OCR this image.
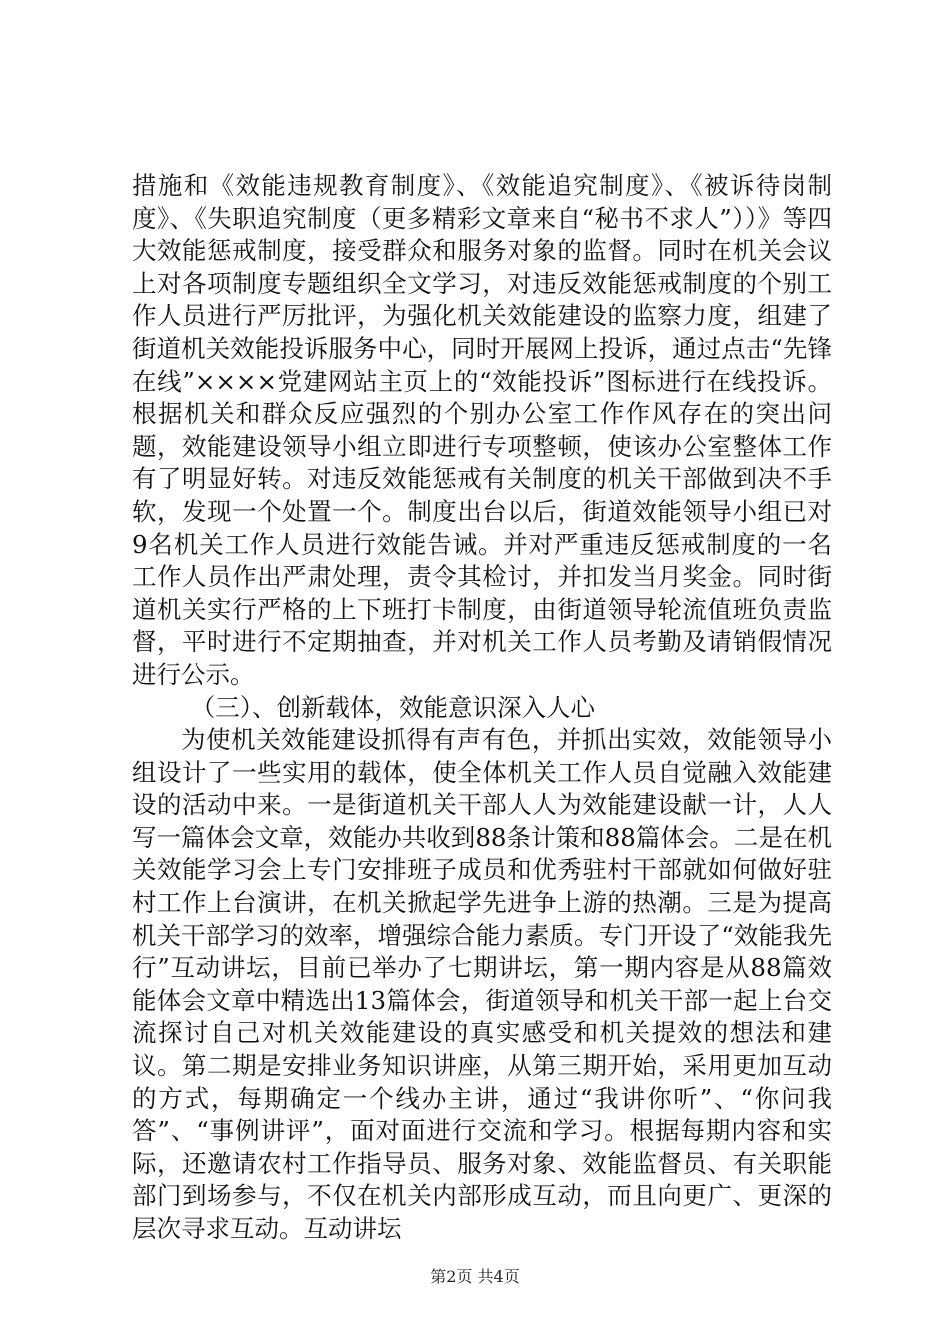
措施和《效能违规教育制度》、《效能追究制度》、《被诉待岗制度》、《失职追究制度（更多精彩文章来自“秘书不求人”））》等四大效能惩戒制度，接受群众和服务对象的监督。同时在机关会议上对各项制度专题组织全文学习，对违反效能惩戒制度的个别工作人员进行严厉批评，为强化机关效能建设的监察力度，组建了街道机关效能投诉服务中心，同时开展网上投诉，通过点击“先锋在线”××××党建网站主页上的“效能投诉”图标进行在线投诉。根据机关和群众反应强烈的个别办公室工作作风存在的突出问题，效能建设领导小组立即进行专项整顿，使该办公室整体工作有了明显好转。对违反效能惩戒有关制度的机关干部做到决不手软，发现一个处置一个。制度出台以后，街道效能领导小组已对9名机关工作人员进行效能告诫。并对严重违反惩戒制度的一名工作人员作出严肃处理，责令其检讨，并扣发当月奖金。同时街道机关实行严格的上下班打卡制度，由街道领导轮流值班负责监督，平时进行不定期抽查，并对机关工作人员考勤及请销假情况进行公示。

（三）、创新载体，效能意识深入人心

为使机关效能建设抓得有声有色，并抓出实效，效能领导小组设计了一些实用的载体，使全体机关工作人员自觉融入效能建设的活动中来。一是街道机关干部人人为效能建设献一计，人人写一篇体会文章，效能办共收到88条计策和88篇体会。二是在机关效能学习会上专门安排班子成员和优秀驻村干部就如何做好驻村工作上台演讲，在机关掀起学先进争上游的热潮。三是为提高机关干部学习的效率，增强综合能力素质。专门开设了“效能我先行”互动讲坛，目前已举办了七期讲坛，第一期内容是从88篇效能体会文章中精选出13篇体会，街道领导和机关干部一起上台交流探讨自己对机关效能建设的真实感受和机关提效的想法和建议。第二期是安排业务知识讲座，从第三期开始，采用更加互动的方式，每期确定一个线办主讲，通过“我讲你听”、“你问我答”、“事例讲评”，面对面进行交流和学习。根据每期内容和实际，还邀请农村工作指导员、服务对象、效能监督员、有关职能部门到场参与，不仅在机关内部形成互动，而且向更广、更深的层次寻求互动。互动讲坛

第2页 共4页
